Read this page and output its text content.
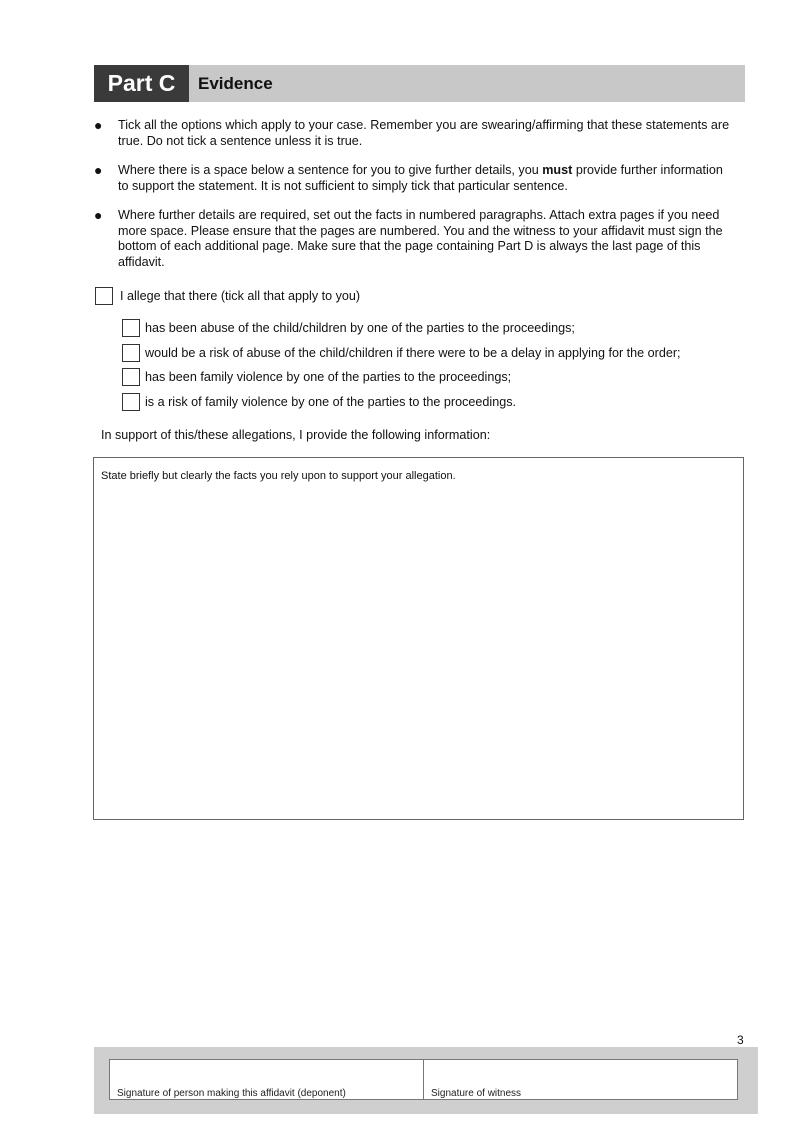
Part C	Evidence
● Tick all the options which apply to your case. Remember you are swearing/affirming that these statements are true. Do not tick a sentence unless it is true.
● Where there is a space below a sentence for you to give further details, you must provide further information to support the statement. It is not sufficient to simply tick that particular sentence.
● Where further details are required, set out the facts in numbered paragraphs. Attach extra pages if you need more space. Please ensure that the pages are numbered. You and the witness to your affidavit must sign the bottom of each additional page. Make sure that the page containing Part D is always the last page of this affidavit.
I allege that there (tick all that apply to you)
has been abuse of the child/children by one of the parties to the proceedings;
would be a risk of abuse of the child/children if there were to be a delay in applying for the order;
has been family violence by one of the parties to the proceedings;
is a risk of family violence by one of the parties to the proceedings.
In support of this/these allegations, I provide the following information:
State briefly but clearly the facts you rely upon to support your allegation.
3
Signature of person making this affidavit (deponent)	Signature of witness
